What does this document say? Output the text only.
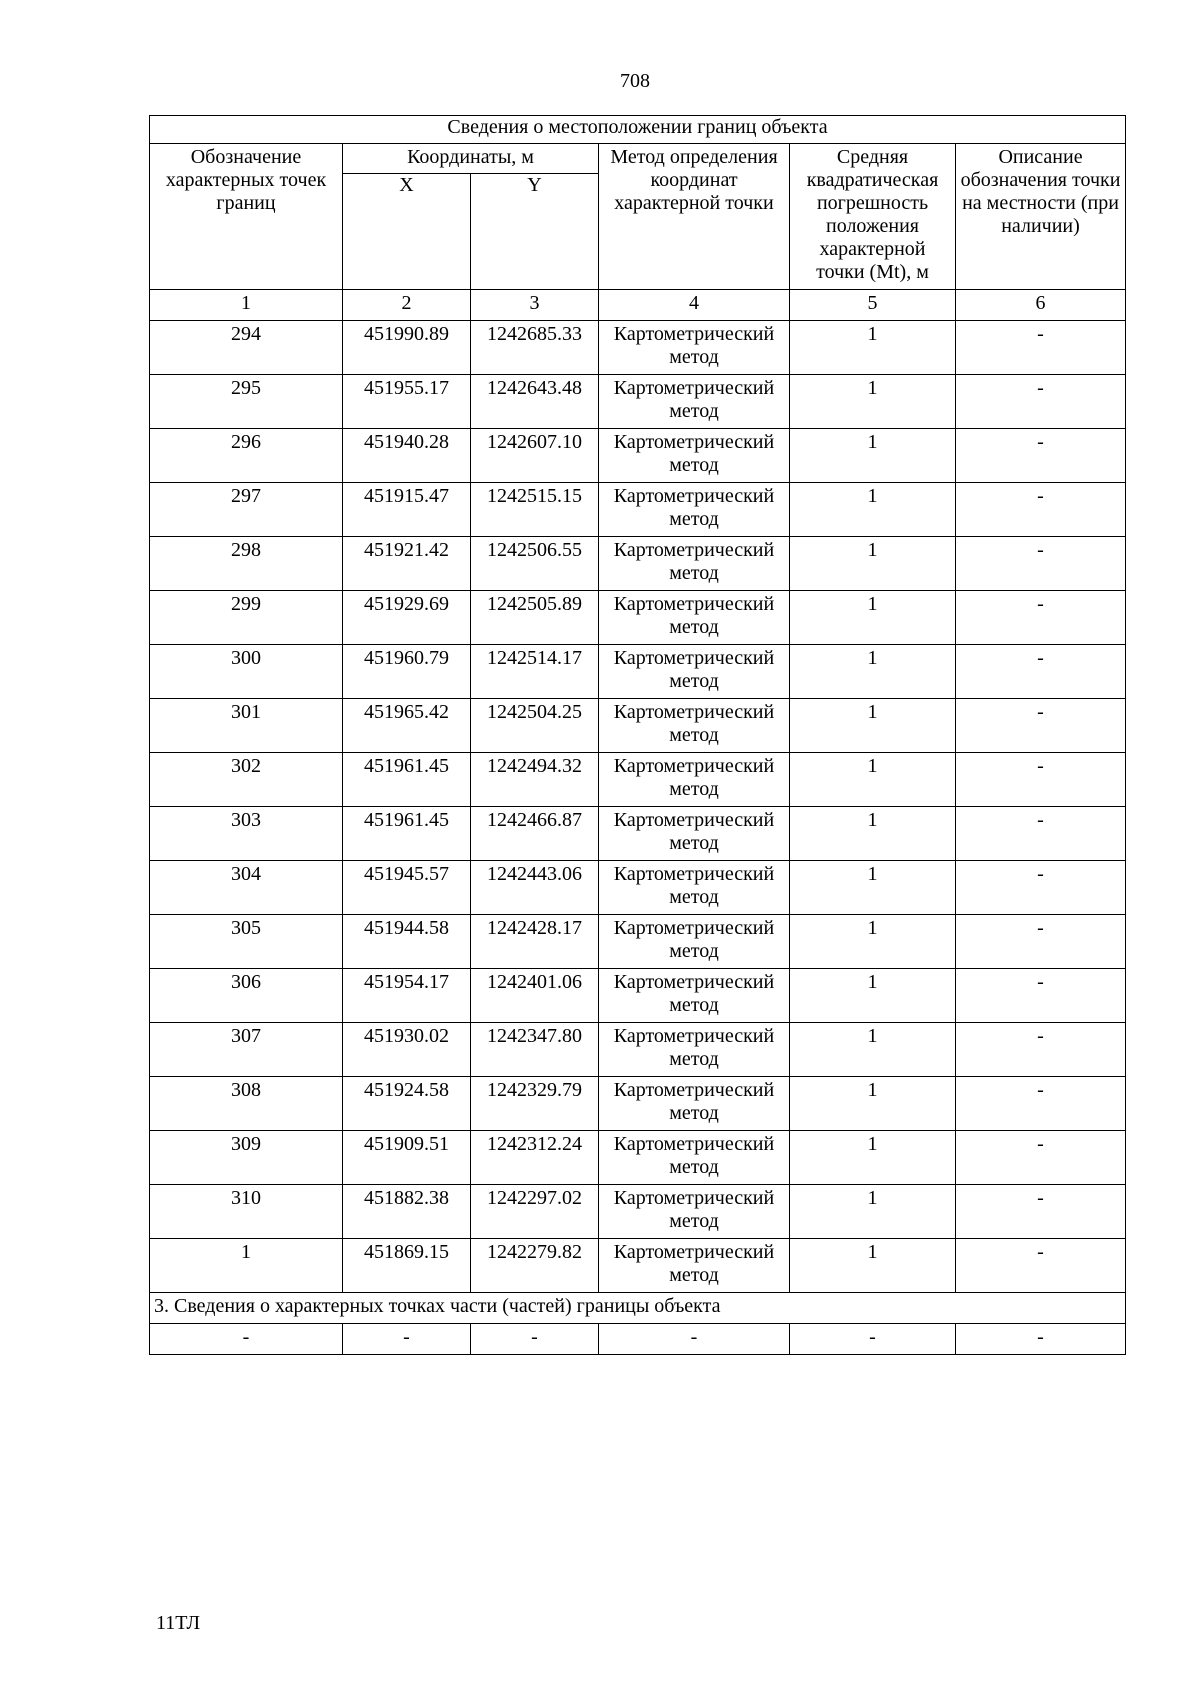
708
Сведения о местоположении границ объекта					
Обозначение характерных точек границ	Координаты, м		Метод определения координат характерной точки	Средняя квадратическая погрешность положения характерной точки (Mt), м	Описание обозначения точки на местности (при наличии)
	X	Y			
1	2	3	4	5	6
294	451990.89	1242685.33	Картометрический метод	1	-
295	451955.17	1242643.48	Картометрический метод	1	-
296	451940.28	1242607.10	Картометрический метод	1	-
297	451915.47	1242515.15	Картометрический метод	1	-
298	451921.42	1242506.55	Картометрический метод	1	-
299	451929.69	1242505.89	Картометрический метод	1	-
300	451960.79	1242514.17	Картометрический метод	1	-
301	451965.42	1242504.25	Картометрический метод	1	-
302	451961.45	1242494.32	Картометрический метод	1	-
303	451961.45	1242466.87	Картометрический метод	1	-
304	451945.57	1242443.06	Картометрический метод	1	-
305	451944.58	1242428.17	Картометрический метод	1	-
306	451954.17	1242401.06	Картометрический метод	1	-
307	451930.02	1242347.80	Картометрический метод	1	-
308	451924.58	1242329.79	Картометрический метод	1	-
309	451909.51	1242312.24	Картометрический метод	1	-
310	451882.38	1242297.02	Картометрический метод	1	-
1	451869.15	1242279.82	Картометрический метод	1	-
3. Сведения о характерных точках части (частей) границы объекта					
-	-	-	-	-	-
11ТЛ
